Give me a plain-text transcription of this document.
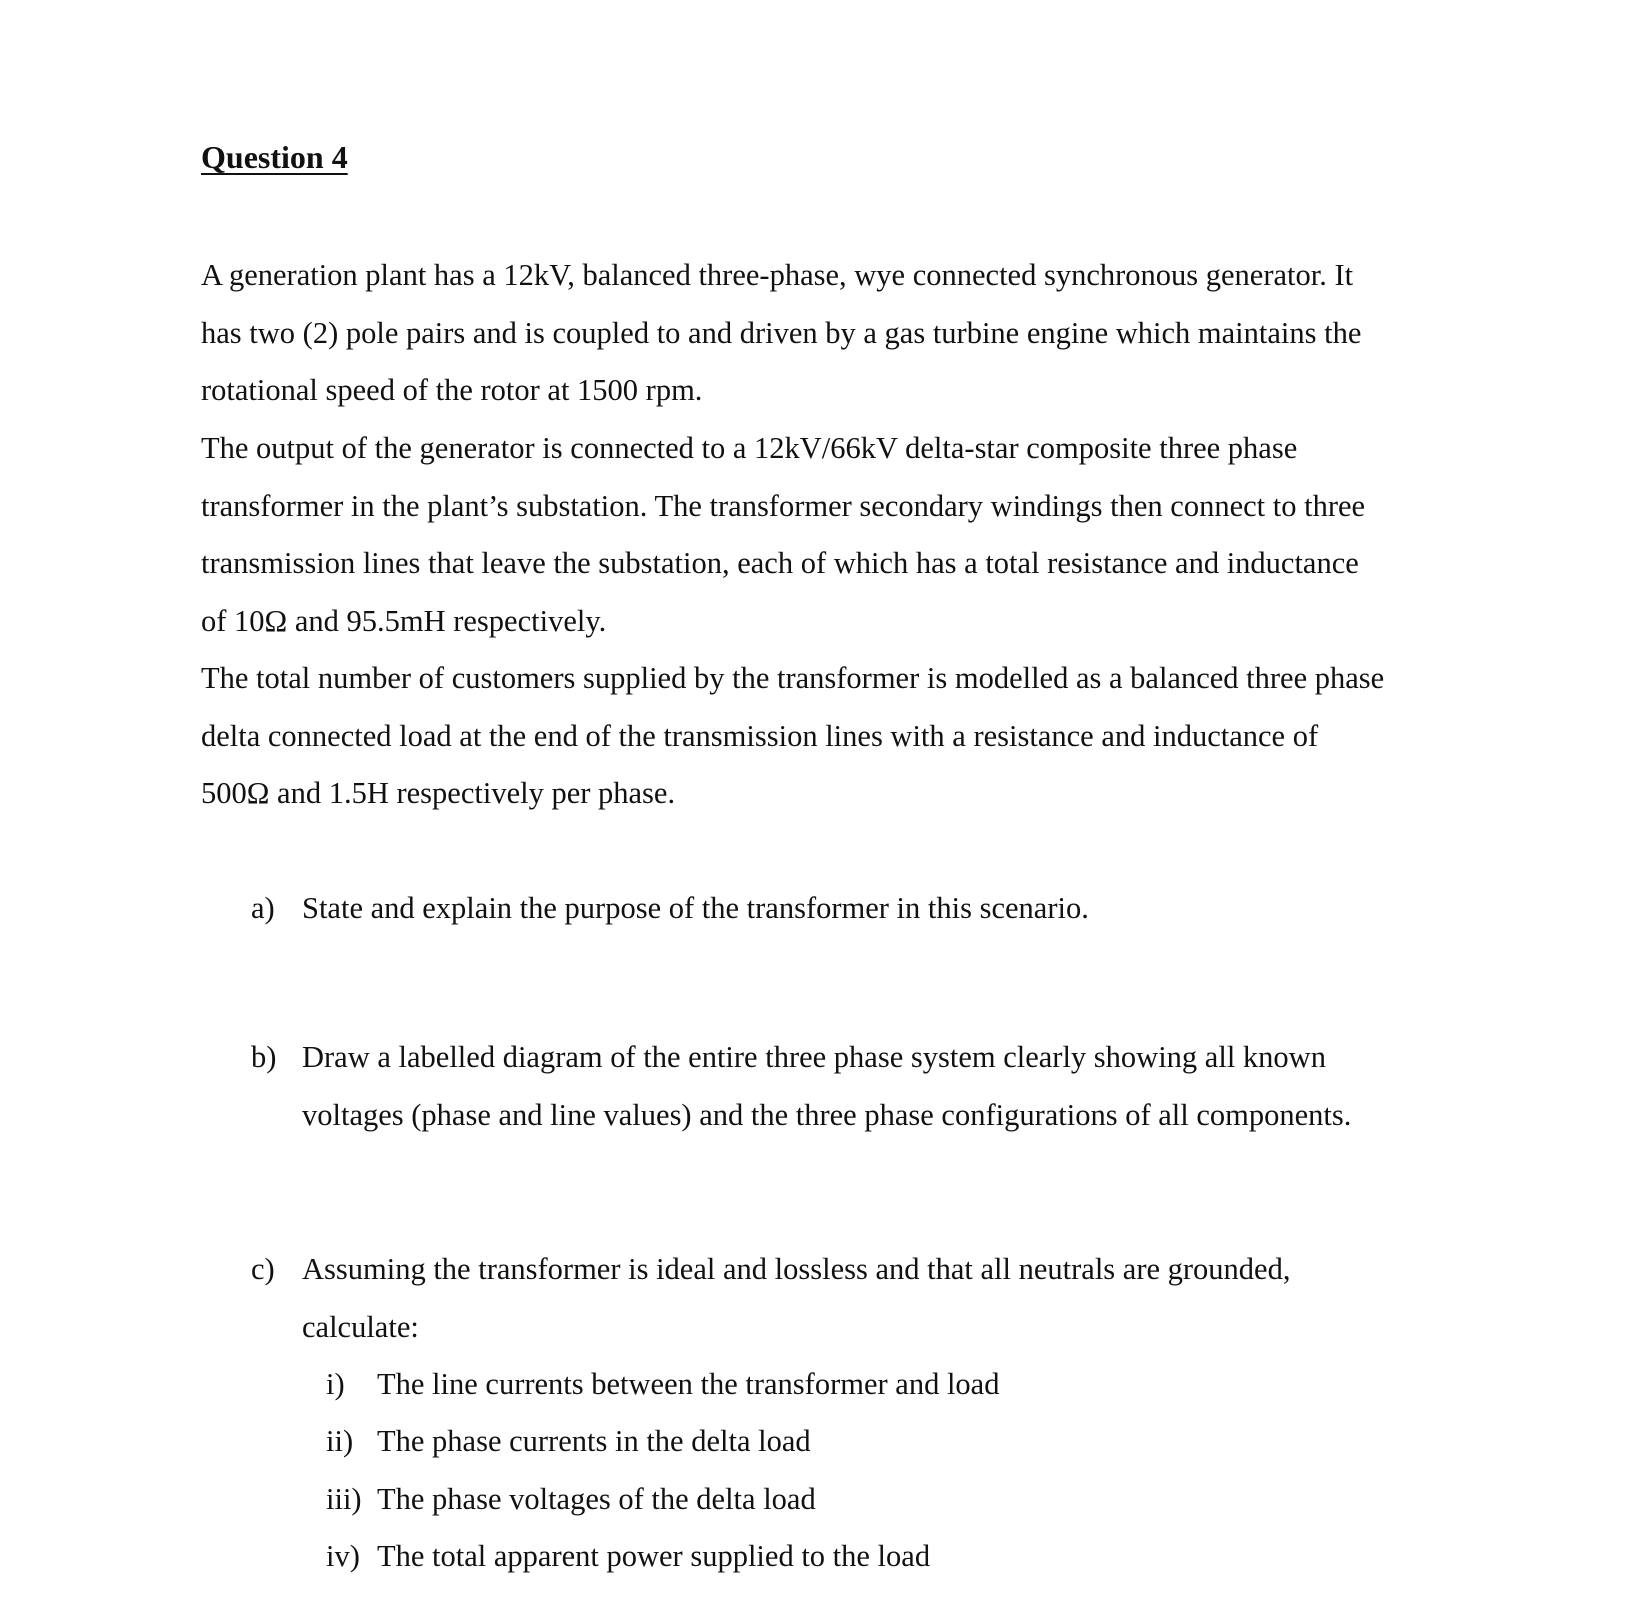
Question 4
A generation plant has a 12kV, balanced three-phase, wye connected synchronous generator. It
has two (2) pole pairs and is coupled to and driven by a gas turbine engine which maintains the
rotational speed of the rotor at 1500 rpm.
The output of the generator is connected to a 12kV/66kV delta-star composite three phase
transformer in the plant’s substation. The transformer secondary windings then connect to three
transmission lines that leave the substation, each of which has a total resistance and inductance
of 10Ω and 95.5mH respectively.
The total number of customers supplied by the transformer is modelled as a balanced three phase
delta connected load at the end of the transmission lines with a resistance and inductance of
500Ω and 1.5H respectively per phase.
a) State and explain the purpose of the transformer in this scenario.
b) Draw a labelled diagram of the entire three phase system clearly showing all known
voltages (phase and line values) and the three phase configurations of all components.
c) Assuming the transformer is ideal and lossless and that all neutrals are grounded,
calculate:
i) The line currents between the transformer and load
ii) The phase currents in the delta load
iii) The phase voltages of the delta load
iv) The total apparent power supplied to the load
